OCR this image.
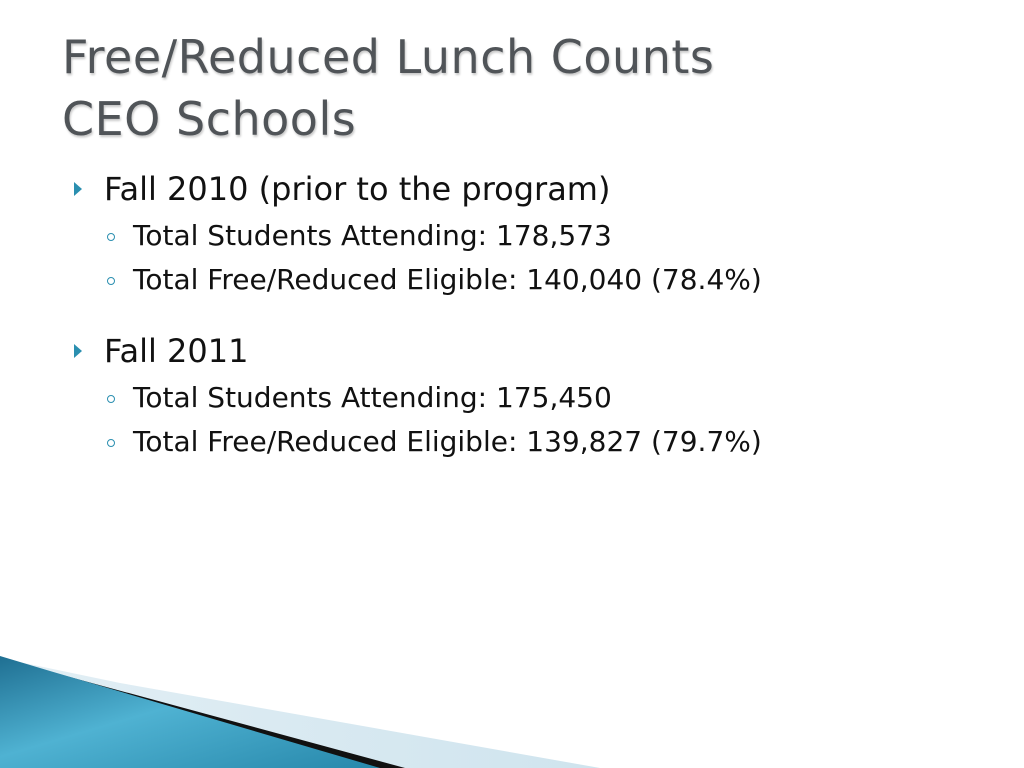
Free/Reduced Lunch Counts
CEO Schools
Fall 2010 (prior to the program)
Total Students Attending: 178,573
Total Free/Reduced Eligible: 140,040 (78.4%)
Fall 2011
Total Students Attending: 175,450
Total Free/Reduced Eligible: 139,827 (79.7%)
